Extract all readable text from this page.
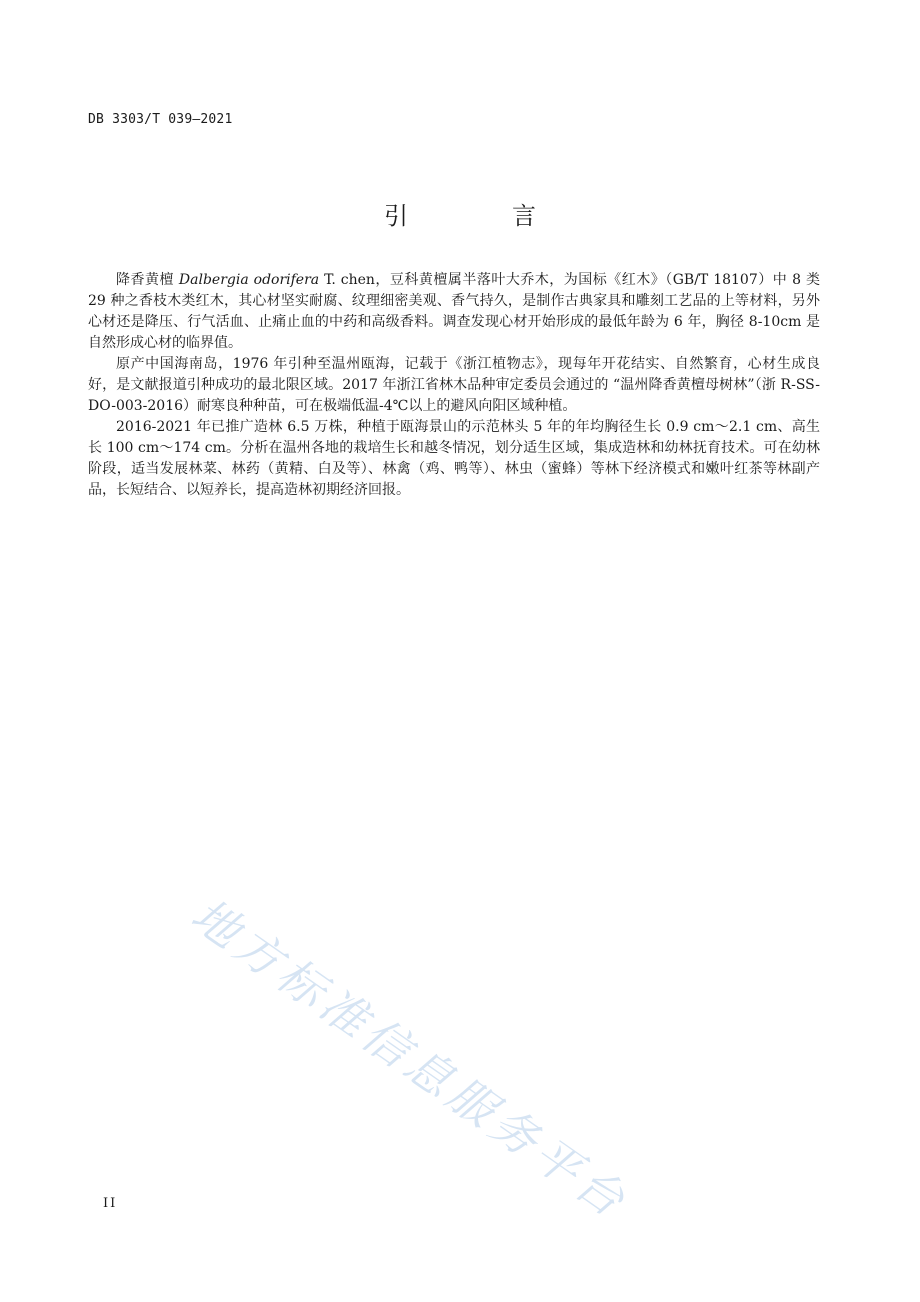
DB 3303/T 039—2021
引　言

降香黄檀 Dalbergia odorifera T. chen，豆科黄檀属半落叶大乔木，为国标《红木》（GB/T 18107）中 8 类 29 种之香枝木类红木，其心材坚实耐腐、纹理细密美观、香气持久，是制作古典家具和雕刻工艺品的上等材料，另外心材还是降压、行气活血、止痛止血的中药和高级香料。调查发现心材开始形成的最低年龄为 6 年，胸径 8-10cm 是自然形成心材的临界值。

原产中国海南岛，1976 年引种至温州瓯海，记载于《浙江植物志》，现每年开花结实、自然繁育，心材生成良好，是文献报道引种成功的最北限区域。2017 年浙江省林木品种审定委员会通过的 “温州降香黄檀母树林”（浙 R-SS-DO-003-2016）耐寒良种种苗，可在极端低温-4℃以上的避风向阳区域种植。

2016-2021 年已推广造林 6.5 万株，种植于瓯海景山的示范林头 5 年的年均胸径生长 0.9 cm～2.1 cm、高生长 100 cm～174 cm。分析在温州各地的栽培生长和越冬情况，划分适生区域，集成造林和幼林抚育技术。可在幼林阶段，适当发展林菜、林药（黄精、白及等）、林禽（鸡、鸭等）、林虫（蜜蜂）等林下经济模式和嫩叶红茶等林副产品，长短结合、以短养长，提高造林初期经济回报。

地方标准信息服务平台
II
